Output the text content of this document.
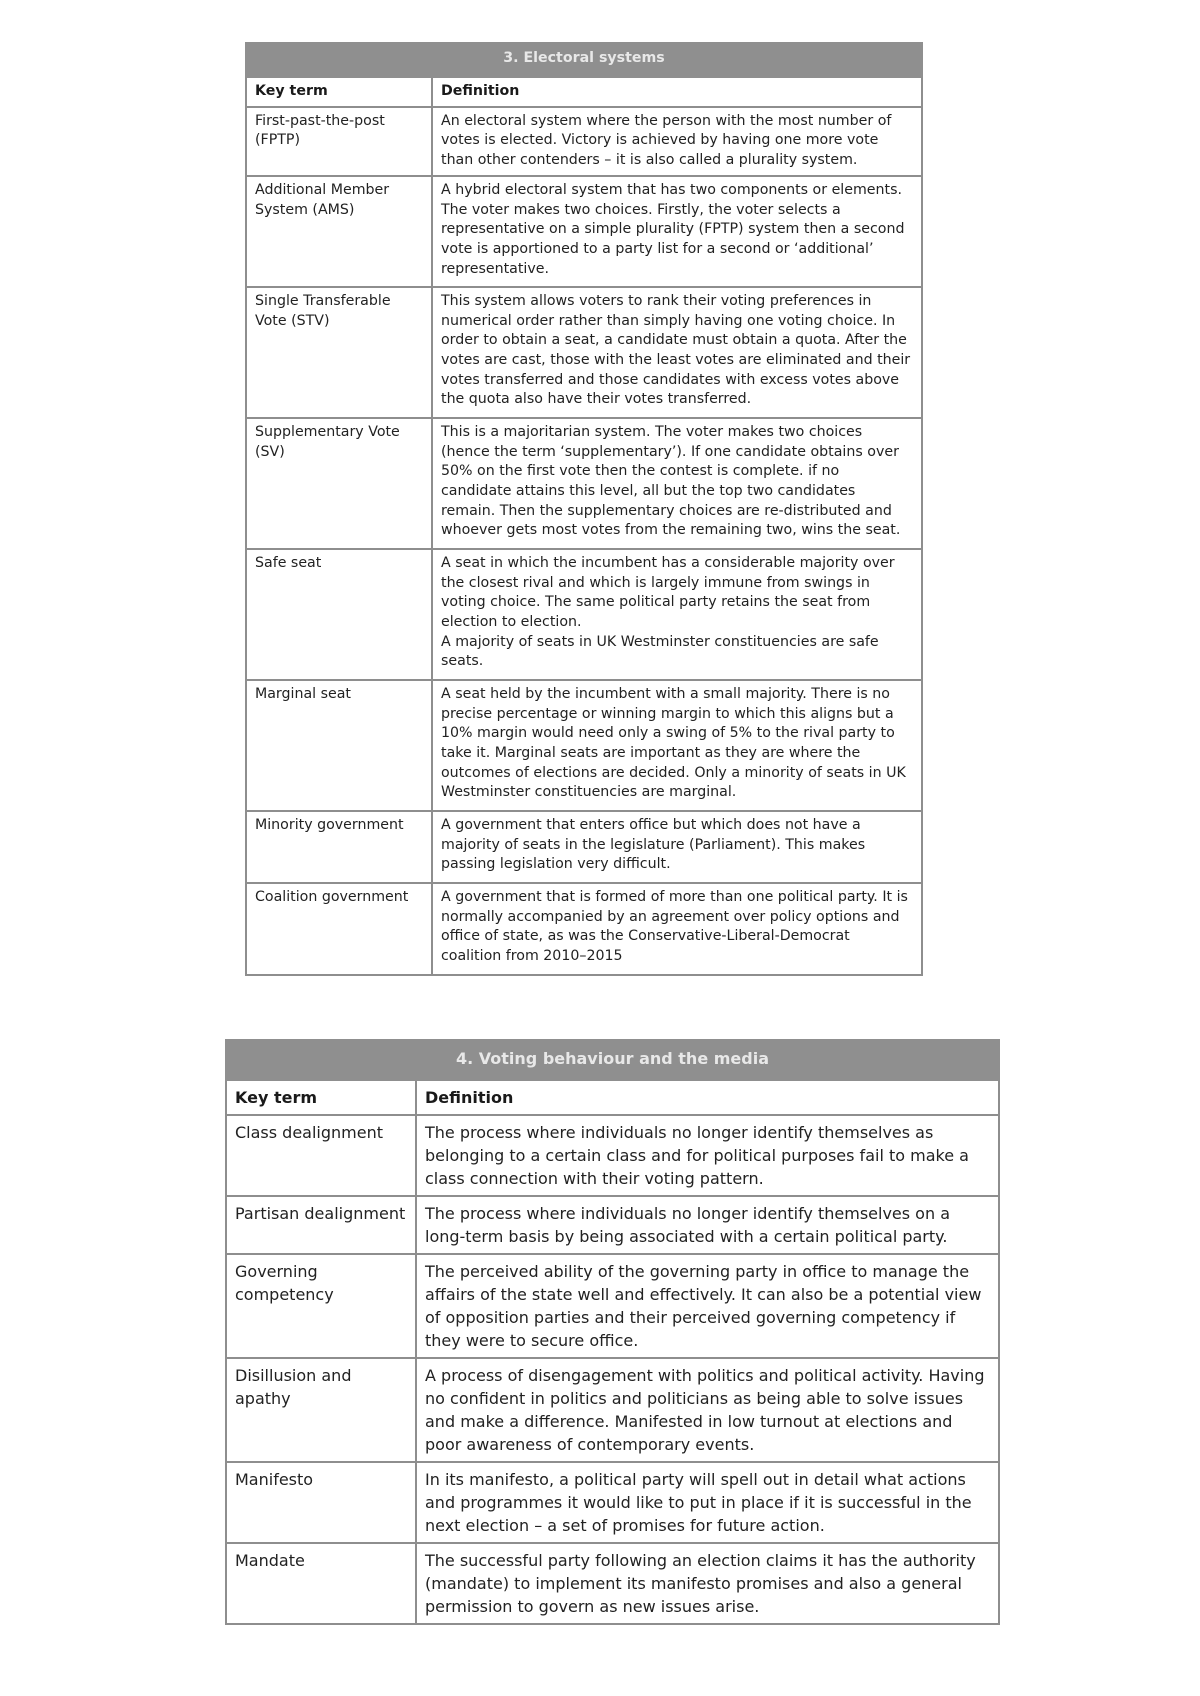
3. Electoral systems	
Key term	Definition
First-past-the-post (FPTP)	An electoral system where the person with the most number of votes is elected. Victory is achieved by having one more vote than other contenders – it is also called a plurality system.
Additional Member System (AMS)	A hybrid electoral system that has two components or elements. The voter makes two choices. Firstly, the voter selects a representative on a simple plurality (FPTP) system then a second vote is apportioned to a party list for a second or ‘additional’ representative.
Single Transferable Vote (STV)	This system allows voters to rank their voting preferences in numerical order rather than simply having one voting choice. In order to obtain a seat, a candidate must obtain a quota. After the votes are cast, those with the least votes are eliminated and their votes transferred and those candidates with excess votes above the quota also have their votes transferred.
Supplementary Vote (SV)	This is a majoritarian system. The voter makes two choices (hence the term ‘supplementary’). If one candidate obtains over 50% on the first vote then the contest is complete. if no candidate attains this level, all but the top two candidates remain. Then the supplementary choices are re-distributed and whoever gets most votes from the remaining two, wins the seat.
Safe seat	A seat in which the incumbent has a considerable majority over the closest rival and which is largely immune from swings in voting choice. The same political party retains the seat from election to election.
A majority of seats in UK Westminster constituencies are safe seats.

Marginal seat	A seat held by the incumbent with a small majority. There is no precise percentage or winning margin to which this aligns but a 10% margin would need only a swing of 5% to the rival party to take it. Marginal seats are important as they are where the outcomes of elections are decided. Only a minority of seats in UK Westminster constituencies are marginal.
Minority government	A government that enters office but which does not have a majority of seats in the legislature (Parliament). This makes passing legislation very difficult.
Coalition government	A government that is formed of more than one political party. It is normally accompanied by an agreement over policy options and office of state, as was the Conservative-Liberal-Democrat coalition from 2010–2015
4. Voting behaviour and the media	
Key term	Definition
Class dealignment	The process where individuals no longer identify themselves as belonging to a certain class and for political purposes fail to make a class connection with their voting pattern.
Partisan dealignment	The process where individuals no longer identify themselves on a long-term basis by being associated with a certain political party.
Governing competency	The perceived ability of the governing party in office to manage the affairs of the state well and effectively. It can also be a potential view of opposition parties and their perceived governing competency if they were to secure office.
Disillusion and apathy	A process of disengagement with politics and political activity. Having no confident in politics and politicians as being able to solve issues and make a difference. Manifested in low turnout at elections and poor awareness of contemporary events.
Manifesto	In its manifesto, a political party will spell out in detail what actions and programmes it would like to put in place if it is successful in the next election – a set of promises for future action.
Mandate	The successful party following an election claims it has the authority (mandate) to implement its manifesto promises and also a general permission to govern as new issues arise.
